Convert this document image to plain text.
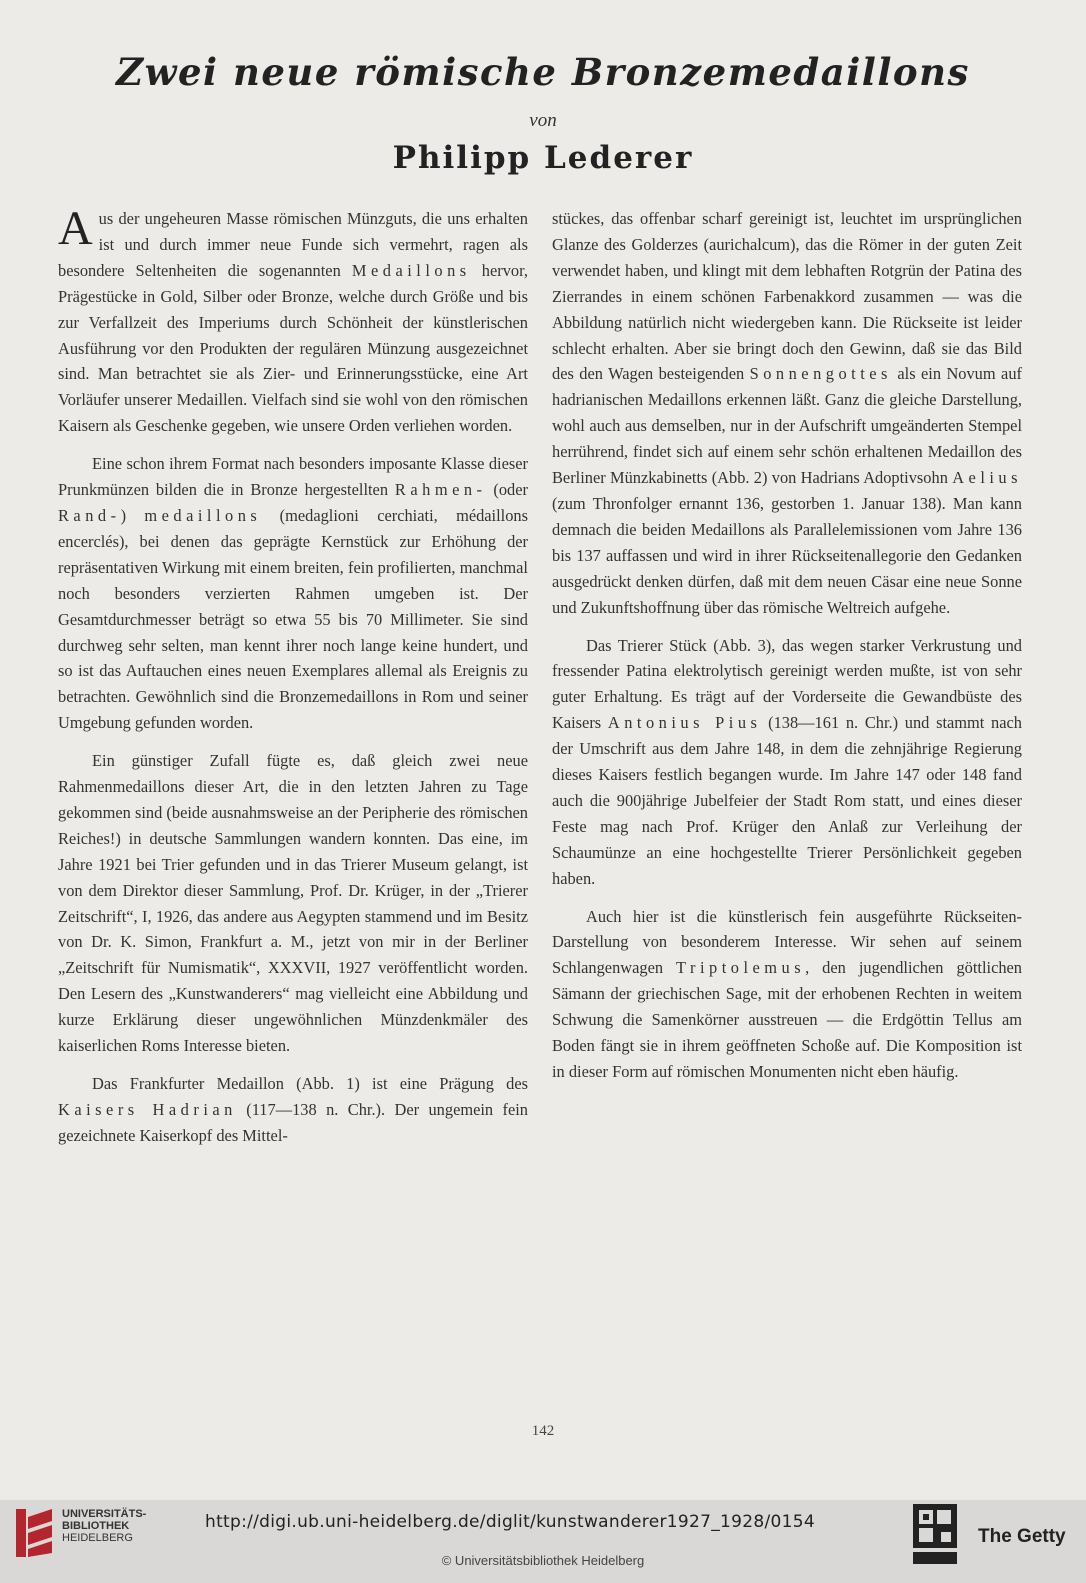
Zwei neue römische Bronzemedaillons
von
Philipp Lederer

Aus der ungeheuren Masse römischen Münzguts, die uns erhalten ist und durch immer neue Funde sich vermehrt, ragen als besondere Seltenheiten die sogenannten Medaillons hervor, Prägestücke in Gold, Silber oder Bronze, welche durch Größe und bis zur Verfallzeit des Imperiums durch Schönheit der künstlerischen Ausführung vor den Produkten der regulären Münzung ausgezeichnet sind. Man betrachtet sie als Zier- und Erinnerungsstücke, eine Art Vorläufer unserer Medaillen. Vielfach sind sie wohl von den römischen Kaisern als Geschenke gegeben, wie unsere Orden verliehen worden.

Eine schon ihrem Format nach besonders imposante Klasse dieser Prunkmünzen bilden die in Bronze hergestellten Rahmen- (oder Rand-) medaillons (medaglioni cerchiati, médaillons encerclés), bei denen das geprägte Kernstück zur Erhöhung der repräsentativen Wirkung mit einem breiten, fein profilierten, manchmal noch besonders verzierten Rahmen umgeben ist. Der Gesamtdurchmesser beträgt so etwa 55 bis 70 Millimeter. Sie sind durchweg sehr selten, man kennt ihrer noch lange keine hundert, und so ist das Auftauchen eines neuen Exemplares allemal als Ereignis zu betrachten. Gewöhnlich sind die Bronzemedaillons in Rom und seiner Umgebung gefunden worden.

Ein günstiger Zufall fügte es, daß gleich zwei neue Rahmenmedaillons dieser Art, die in den letzten Jahren zu Tage gekommen sind (beide ausnahmsweise an der Peripherie des römischen Reiches!) in deutsche Sammlungen wandern konnten. Das eine, im Jahre 1921 bei Trier gefunden und in das Trierer Museum gelangt, ist von dem Direktor dieser Sammlung, Prof. Dr. Krüger, in der „Trierer Zeitschrift“, I, 1926, das andere aus Aegypten stammend und im Besitz von Dr. K. Simon, Frankfurt a. M., jetzt von mir in der Berliner „Zeitschrift für Numismatik“, XXXVII, 1927 veröffentlicht worden. Den Lesern des „Kunstwanderers“ mag vielleicht eine Abbildung und kurze Erklärung dieser ungewöhnlichen Münzdenkmäler des kaiserlichen Roms Interesse bieten.

Das Frankfurter Medaillon (Abb. 1) ist eine Prägung des Kaisers Hadrian (117—138 n. Chr.). Der ungemein fein gezeichnete Kaiserkopf des Mittel-

stückes, das offenbar scharf gereinigt ist, leuchtet im ursprünglichen Glanze des Golderzes (aurichalcum), das die Römer in der guten Zeit verwendet haben, und klingt mit dem lebhaften Rotgrün der Patina des Zierrandes in einem schönen Farbenakkord zusammen — was die Abbildung natürlich nicht wiedergeben kann. Die Rückseite ist leider schlecht erhalten. Aber sie bringt doch den Gewinn, daß sie das Bild des den Wagen besteigenden Sonnengottes als ein Novum auf hadrianischen Medaillons erkennen läßt. Ganz die gleiche Darstellung, wohl auch aus demselben, nur in der Aufschrift umgeänderten Stempel herrührend, findet sich auf einem sehr schön erhaltenen Medaillon des Berliner Münzkabinetts (Abb. 2) von Hadrians Adoptivsohn Aelius (zum Thronfolger ernannt 136, gestorben 1. Januar 138). Man kann demnach die beiden Medaillons als Parallelemissionen vom Jahre 136 bis 137 auffassen und wird in ihrer Rückseitenallegorie den Gedanken ausgedrückt denken dürfen, daß mit dem neuen Cäsar eine neue Sonne und Zukunftshoffnung über das römische Weltreich aufgehe.

Das Trierer Stück (Abb. 3), das wegen starker Verkrustung und fressender Patina elektrolytisch gereinigt werden mußte, ist von sehr guter Erhaltung. Es trägt auf der Vorderseite die Gewandbüste des Kaisers Antonius Pius (138—161 n. Chr.) und stammt nach der Umschrift aus dem Jahre 148, in dem die zehnjährige Regierung dieses Kaisers festlich begangen wurde. Im Jahre 147 oder 148 fand auch die 900jährige Jubelfeier der Stadt Rom statt, und eines dieser Feste mag nach Prof. Krüger den Anlaß zur Verleihung der Schaumünze an eine hochgestellte Trierer Persönlichkeit gegeben haben.

Auch hier ist die künstlerisch fein ausgeführte Rückseiten-Darstellung von besonderem Interesse. Wir sehen auf seinem Schlangenwagen Triptolemus, den jugendlichen göttlichen Sämann der griechischen Sage, mit der erhobenen Rechten in weitem Schwung die Samenkörner ausstreuen — die Erdgöttin Tellus am Boden fängt sie in ihrem geöffneten Schoße auf. Die Komposition ist in dieser Form auf römischen Monumenten nicht eben häufig.

142
UNIVERSITÄTS-
BIBLIOTHEK
HEIDELBERG
http://digi.ub.uni-heidelberg.de/diglit/kunstwanderer1927_1928/0154
© Universitätsbibliothek Heidelberg
The Getty
